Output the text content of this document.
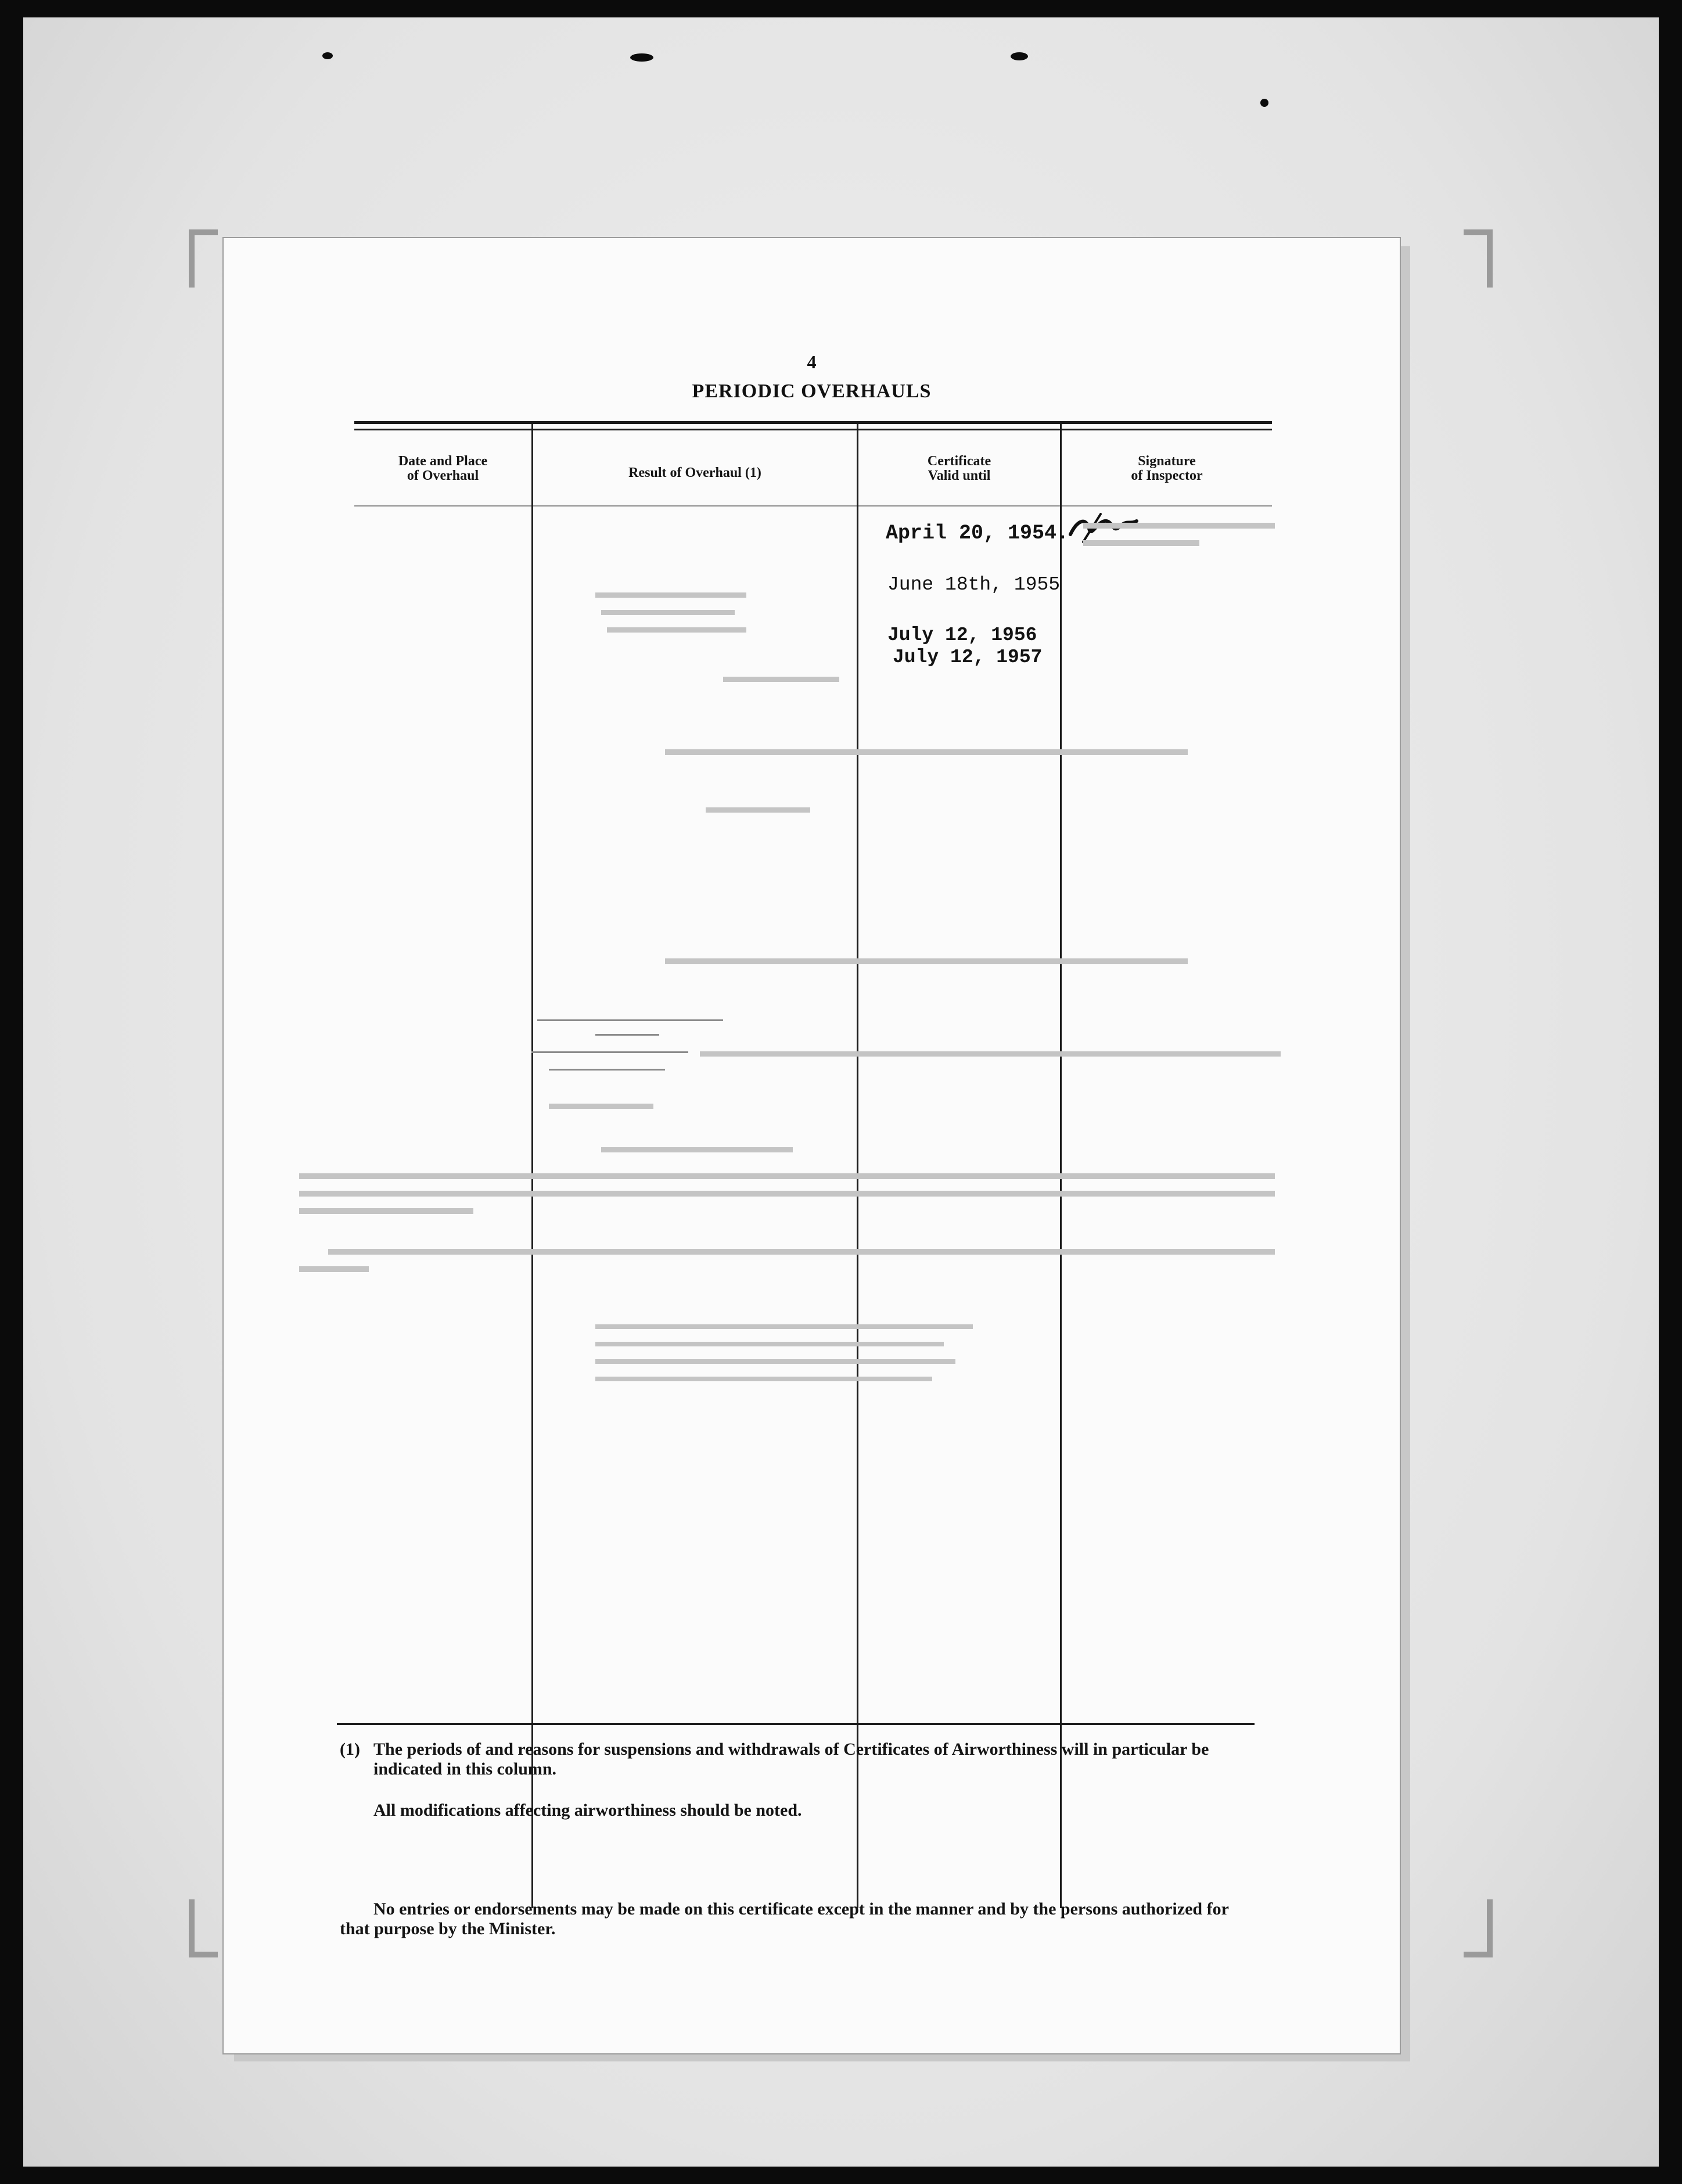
4
PERIODIC OVERHAULS
Date and Place
of Overhaul	Result of Overhaul (1)
Certificate
Valid until
Signature
of Inspector
April 20, 1954.
June 18th, 1955
July 12, 1956
July 12, 1957
(1) The periods of and reasons for suspensions and withdrawals of Certificates of Airworthiness will in particular be indicated in this column.
All modifications affecting airworthiness should be noted.
No entries or endorsements may be made on this certificate except in the manner and by the persons authorized for that purpose by the Minister.
